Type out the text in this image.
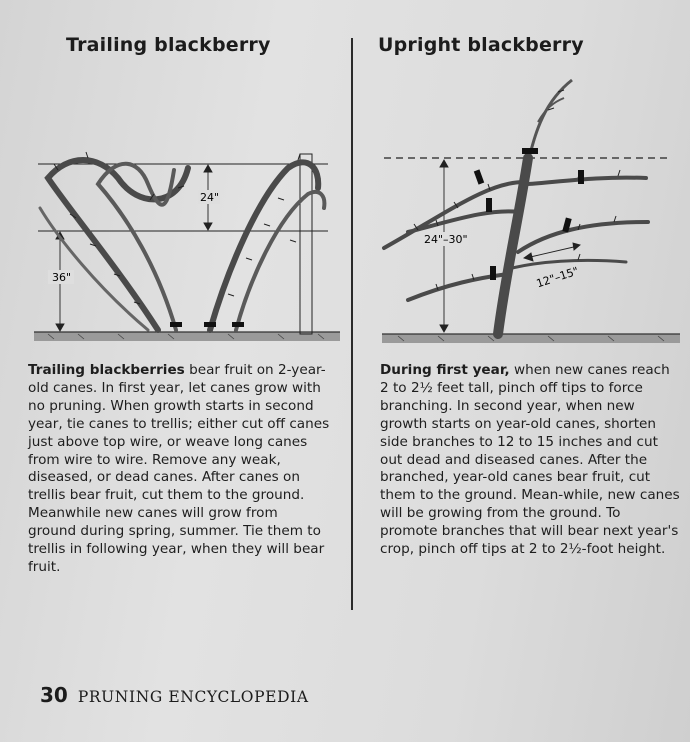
Trailing blackberry	Upright blackberry
24"
36"
24"–30"
12"–15"
Trailing blackberries bear fruit on 2-year-old canes. In first year, let canes grow with no pruning. When growth starts in second year, tie canes to trellis; either cut off canes just above top wire, or weave long canes from wire to wire. Remove any weak, diseased, or dead canes. After canes on trellis bear fruit, cut them to the ground. Meanwhile new canes will grow from ground during spring, summer. Tie them to trellis in following year, when they will bear fruit.
During first year, when new canes reach 2 to 2½ feet tall, pinch off tips to force branching. In second year, when new growth starts on year-old canes, shorten side branches to 12 to 15 inches and cut out dead and diseased canes. After the branched, year-old canes bear fruit, cut them to the ground. Mean-while, new canes will be growing from the ground. To promote branches that will bear next year's crop, pinch off tips at 2 to 2½-foot height.
30 PRUNING ENCYCLOPEDIA
